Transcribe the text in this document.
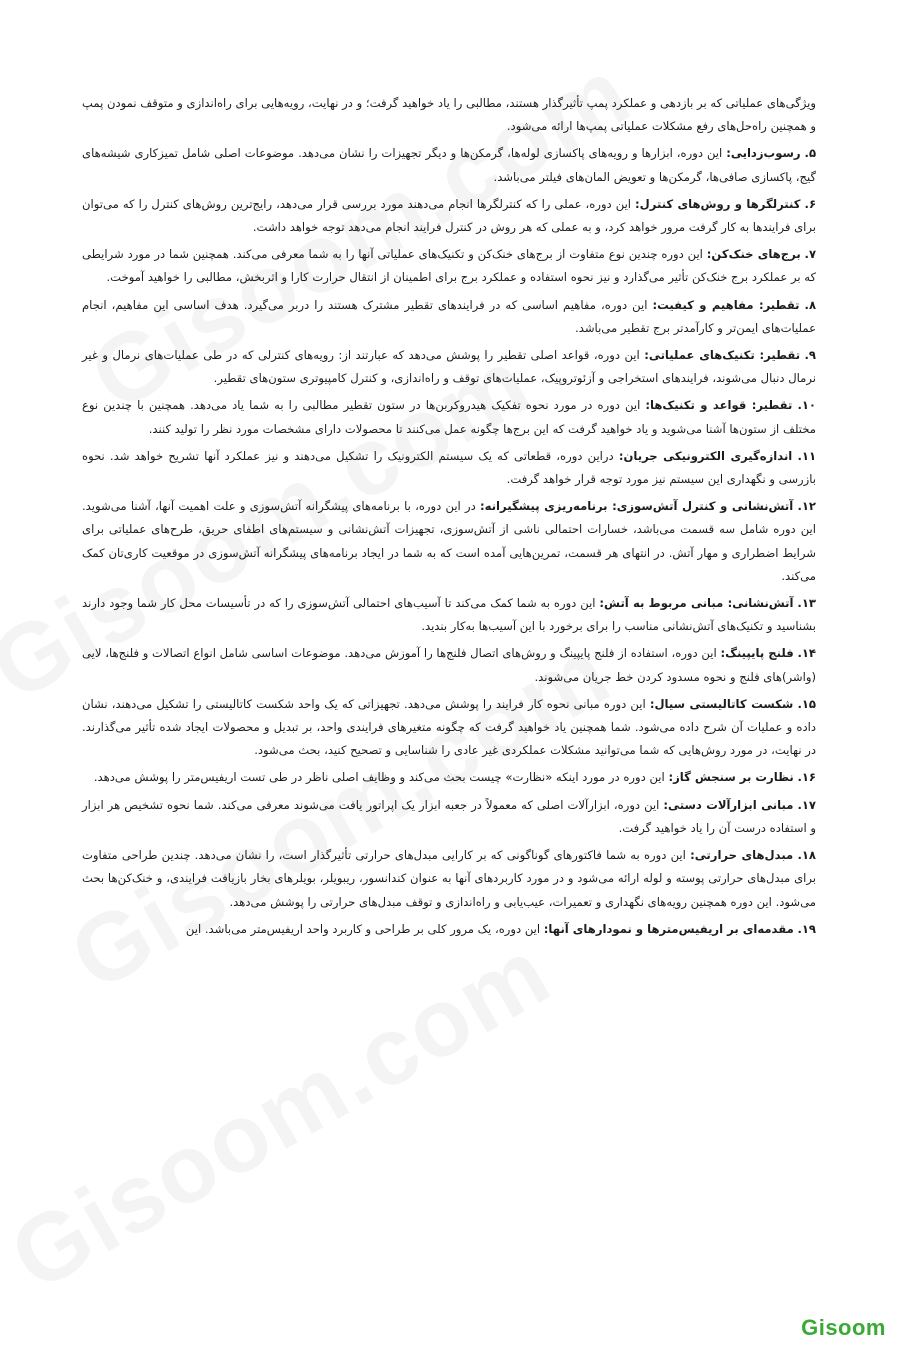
ویژگی‌های عملیاتی که بر بازدهی و عملکرد پمپ تأثیرگذار هستند، مطالبی را یاد خواهید گرفت؛ و در نهایت، رویه‌هایی برای راه‌اندازی و متوقف نمودن پمپ و همچنین راه‌حل‌های رفع مشکلات عملیاتی پمپ‌ها ارائه می‌شود.

۵. رسوب‌زدایی: این دوره، ابزارها و رویه‌های پاکسازی لوله‌ها، گرمکن‌ها و دیگر تجهیزات را نشان می‌دهد. موضوعات اصلی شامل تمیزکاری شیشه‌های گیج، پاکسازی صافی‌ها، گرمکن‌ها و تعویض المان‌های فیلتر می‌باشد.

۶. کنترلگرها و روش‌های کنترل: این دوره، عملی را که کنترلگرها انجام می‌دهند مورد بررسی قرار می‌دهد، رایج‌ترین روش‌های کنترل را که می‌توان برای فرایندها به کار گرفت مرور خواهد کرد، و به عملی که هر روش در کنترل فرایند انجام می‌دهد توجه خواهد داشت.

۷. برج‌های خنک‌کن: این دوره چندین نوع متفاوت از برج‌های خنک‌کن و تکنیک‌های عملیاتی آنها را به شما معرفی می‌کند. همچنین شما در مورد شرایطی که بر عملکرد برج خنک‌کن تأثیر می‌گذارد و نیز نحوه استفاده و عملکرد برج برای اطمینان از انتقال حرارت کارا و اثربخش، مطالبی را خواهید آموخت.

۸. تقطیر: مفاهیم و کیفیت: این دوره، مفاهیم اساسی که در فرایندهای تقطیر مشترک هستند را دربر می‌گیرد. هدف اساسی این مفاهیم، انجام عملیات‌های ایمن‌تر و کارآمدتر برج تقطیر می‌باشد.

۹. تقطیر: تکنیک‌های عملیاتی: این دوره، قواعد اصلی تقطیر را پوشش می‌دهد که عبارتند از: رویه‌های کنترلی که در طی عملیات‌های نرمال و غیر نرمال دنبال می‌شوند، فرایندهای استخراجی و آزئوتروپیک، عملیات‌های توقف و راه‌اندازی، و کنترل کامپیوتری ستون‌های تقطیر.

۱۰. تقطیر: قواعد و تکنیک‌ها: این دوره در مورد نحوه تفکیک هیدروکربن‌ها در ستون تقطیر مطالبی را به شما یاد می‌دهد. همچنین با چندین نوع مختلف از ستون‌ها آشنا می‌شوید و یاد خواهید گرفت که این برج‌ها چگونه عمل می‌کنند تا محصولات دارای مشخصات مورد نظر را تولید کنند.

۱۱. اندازه‌گیری الکترونیکی جریان: دراین دوره، قطعاتی که یک سیستم الکترونیک را تشکیل می‌دهند و نیز عملکرد آنها تشریح خواهد شد. نحوه بازرسی و نگهداری این سیستم نیز مورد توجه قرار خواهد گرفت.

۱۲. آتش‌نشانی و کنترل آتش‌سوزی: برنامه‌ریزی پیشگیرانه: در این دوره، با برنامه‌های پیشگرانه آتش‌سوزی و علت اهمیت آنها، آشنا می‌شوید. این دوره شامل سه قسمت می‌باشد، خسارات احتمالی ناشی از آتش‌سوزی، تجهیزات آتش‌نشانی و سیستم‌های اطفای حریق، طرح‌های عملیاتی برای شرایط اضطراری و مهار آتش. در انتهای هر قسمت، تمرین‌هایی آمده است که به شما در ایجاد برنامه‌های پیشگرانه آتش‌سوزی در موقعیت کاری‌تان کمک می‌کند.

۱۳. آتش‌نشانی: مبانی مربوط به آتش: این دوره به شما کمک می‌کند تا آسیب‌های احتمالی آتش‌سوزی را که در تأسیسات محل کار شما وجود دارند بشناسید و تکنیک‌های آتش‌نشانی مناسب را برای برخورد با این آسیب‌ها به‌کار بندید.

۱۴. فلنج پایپینگ: این دوره، استفاده از فلنج پایپینگ و روش‌های اتصال فلنج‌ها را آموزش می‌دهد. موضوعات اساسی شامل انواع اتصالات و فلنج‌ها، لایی (واشر)های فلنج و نحوه مسدود کردن خط جریان می‌شوند.

۱۵. شکست کاتالیستی سیال: این دوره مبانی نحوه کار فرایند را پوشش می‌دهد. تجهیزاتی که یک واحد شکست کاتالیستی را تشکیل می‌دهند، نشان داده و عملیات آن شرح داده می‌شود. شما همچنین یاد خواهید گرفت که چگونه متغیرهای فرایندی واحد، بر تبدیل و محصولات ایجاد شده تأثیر می‌گذارند. در نهایت، در مورد روش‌هایی که شما می‌توانید مشکلات عملکردی غیر عادی را شناسایی و تصحیح کنید، بحث می‌شود.

۱۶. نظارت بر سنجش گاز: این دوره در مورد اینکه «نظارت» چیست بحث می‌کند و وظایف اصلی ناظر در طی تست اریفیس‌متر را پوشش می‌دهد.

۱۷. مبانی ابزارآلات دستی: این دوره، ابزارآلات اصلی که معمولاً در جعبه ابزار یک اپراتور یافت می‌شوند معرفی می‌کند. شما نحوه تشخیص هر ابزار و استفاده درست آن را یاد خواهید گرفت.

۱۸. مبدل‌های حرارتی: این دوره به شما فاکتورهای گوناگونی که بر کارایی مبدل‌های حرارتی تأثیرگذار است، را نشان می‌دهد. چندین طراحی متفاوت برای مبدل‌های حرارتی پوسته و لوله ارائه می‌شود و در مورد کاربردهای آنها به عنوان کندانسور، ریبویلر، بویلرهای بخار بازیافت فرایندی، و خنک‌کن‌ها بحث می‌شود. این دوره همچنین رویه‌های نگهداری و تعمیرات، عیب‌یابی و راه‌اندازی و توقف مبدل‌های حرارتی را پوشش می‌دهد.

۱۹. مقدمه‌ای بر اریفیس‌مترها و نمودارهای آنها: این دوره، یک مرور کلی بر طراحی و کاربرد واحد اریفیس‌متر می‌باشد. این

Gisoom
